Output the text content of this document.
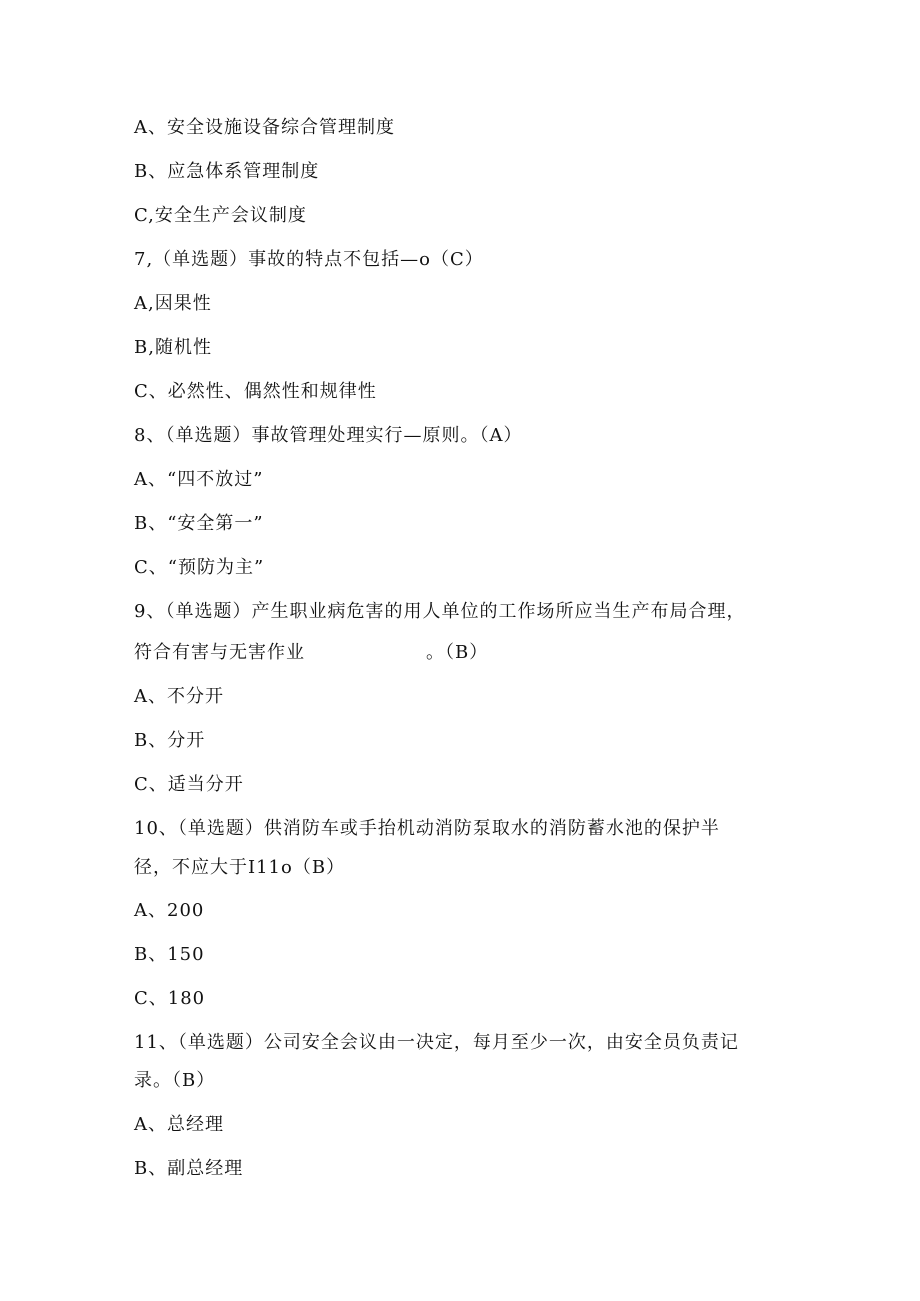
A、安全设施设备综合管理制度
B、应急体系管理制度
C,安全生产会议制度
7,（单选题）事故的特点不包括—o（C）
A,因果性
B,随机性
C、必然性、偶然性和规律性
8、（单选题）事故管理处理实行—原则。（A）
A、“四不放过”
B、“安全第一”
C、“预防为主”
9、（单选题）产生职业病危害的用人单位的工作场所应当生产布局合理，
符合有害与无害作业                  。（B）
A、不分开
B、分开
C、适当分开
10、（单选题）供消防车或手抬机动消防泵取水的消防蓄水池的保护半
径，不应大于I11o（B）
A、200
B、150
C、180
11、（单选题）公司安全会议由一决定，每月至少一次，由安全员负责记
录。（B）
A、总经理
B、副总经理
